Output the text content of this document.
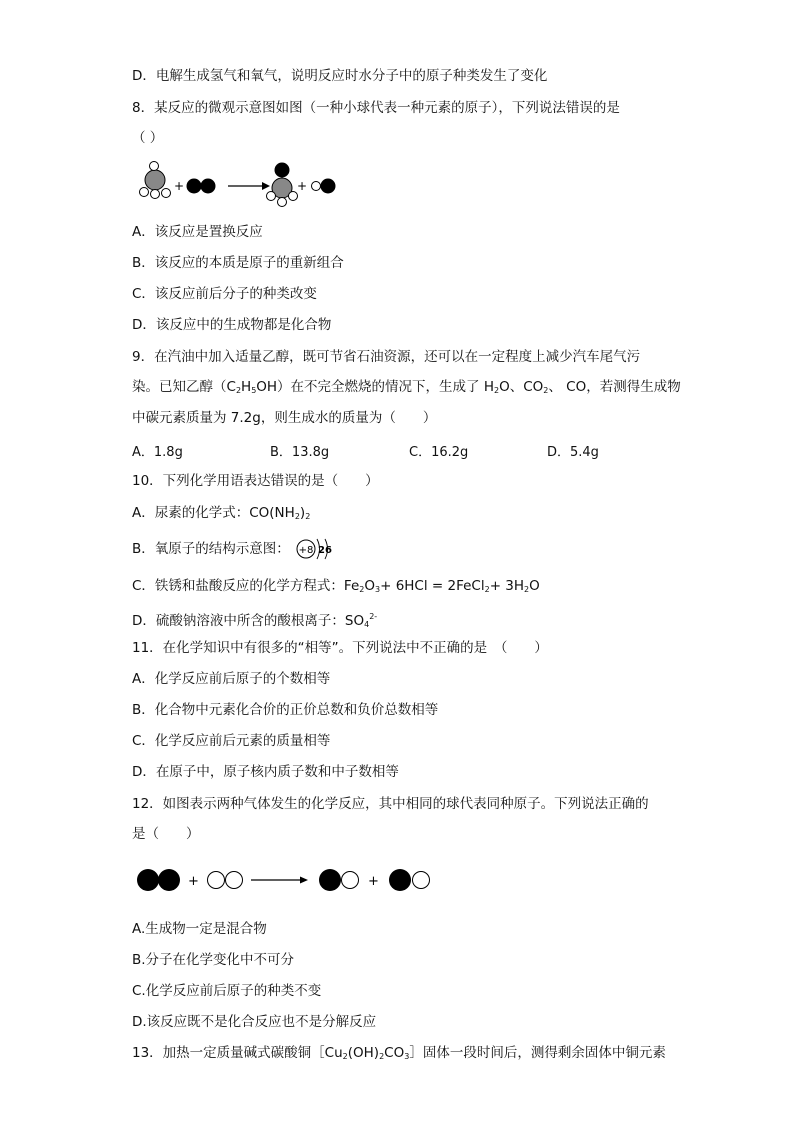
D．电解生成氢气和氧气，说明反应时水分子中的原子种类发生了变化
8．某反应的微观示意图如图（一种小球代表一种元素的原子），下列说法错误的是
（ ）
+	+
A．该反应是置换反应
B．该反应的本质是原子的重新组合
C．该反应前后分子的种类改变
D．该反应中的生成物都是化合物
9．在汽油中加入适量乙醇，既可节省石油资源，还可以在一定程度上减少汽车尾气污
染。已知乙醇$(C_2H_5OH)$在不完全燃烧的情况下，生成了 $H_2O$、$CO_2$、 CO，若测得生成物
中碳元素质量为 7.2g，则生成水的质量为（　　）
A．1.8g	B．13.8g	C．16.2g	D．5.4g
10．下列化学用语表达错误的是（　　）
A．尿素的化学式：$CO(NH_2)_2$
B．氧原子的结构示意图： +8 2 6
C．铁锈和盐酸反应的化学方程式：$Fe_2O_3+ 6HCl$ = 2FeCl$_2$+ $3H_2O$
D．硫酸钠溶液中所含的酸根离子：$SO_4^{2-}$
11．在化学知识中有很多的“相等”。下列说法中不正确的是　（　　）
A．化学反应前后原子的个数相等
B．化合物中元素化合价的正价总数和负价总数相等
C．化学反应前后元素的质量相等
D．在原子中，原子核内质子数和中子数相等
12．如图表示两种气体发生的化学反应，其中相同的球代表同种原子。下列说法正确的
是（　　）
+	+
A.生成物一定是混合物
B.分子在化学变化中不可分
C.化学反应前后原子的种类不变
D.该反应既不是化合反应也不是分解反应
13．加热一定质量碱式碳酸铜$[Cu_2(OH)_2CO_3]$固体一段时间后，测得剩余固体中铜元素
